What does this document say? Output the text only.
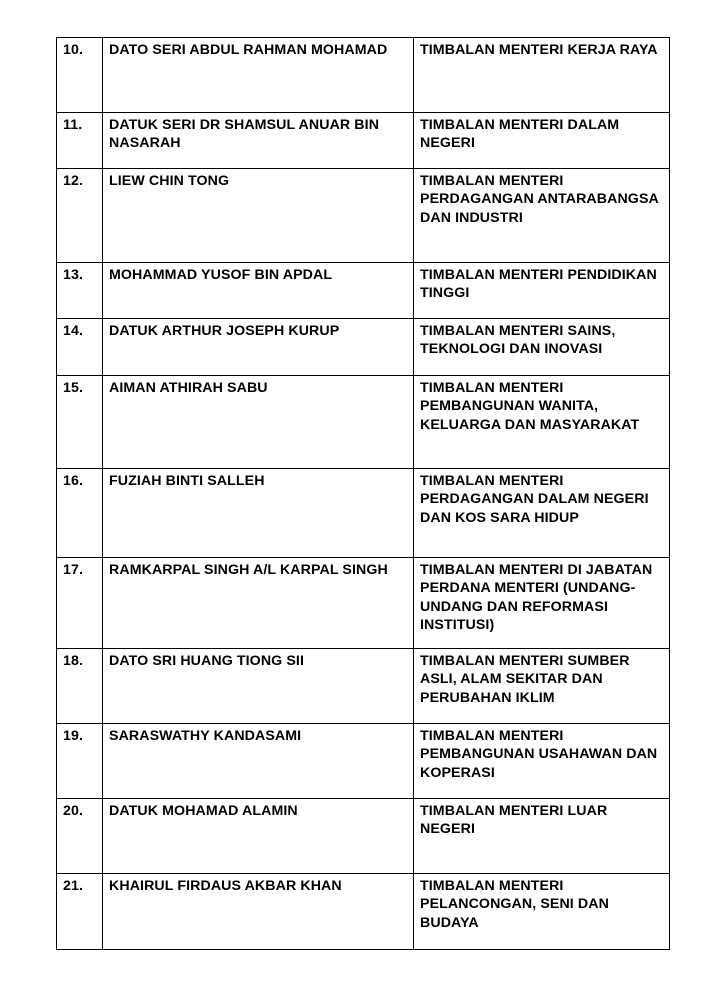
10.	DATO SERI ABDUL RAHMAN MOHAMAD	TIMBALAN MENTERI KERJA RAYA
11.	DATUK SERI DR SHAMSUL ANUAR BIN NASARAH	TIMBALAN MENTERI DALAM NEGERI
12.	LIEW CHIN TONG	TIMBALAN MENTERI PERDAGANGAN ANTARABANGSA DAN INDUSTRI
13.	MOHAMMAD YUSOF BIN APDAL	TIMBALAN MENTERI PENDIDIKAN TINGGI
14.	DATUK ARTHUR JOSEPH KURUP	TIMBALAN MENTERI SAINS, TEKNOLOGI DAN INOVASI
15.	AIMAN ATHIRAH SABU	TIMBALAN MENTERI PEMBANGUNAN WANITA, KELUARGA DAN MASYARAKAT
16.	FUZIAH BINTI SALLEH	TIMBALAN MENTERI PERDAGANGAN DALAM NEGERI DAN KOS SARA HIDUP
17.	RAMKARPAL SINGH A/L KARPAL SINGH	TIMBALAN MENTERI DI JABATAN PERDANA MENTERI (UNDANG-UNDANG DAN REFORMASI INSTITUSI)
18.	DATO SRI HUANG TIONG SII	TIMBALAN MENTERI SUMBER ASLI, ALAM SEKITAR DAN PERUBAHAN IKLIM
19.	SARASWATHY KANDASAMI	TIMBALAN MENTERI PEMBANGUNAN USAHAWAN DAN KOPERASI
20.	DATUK MOHAMAD ALAMIN	TIMBALAN MENTERI LUAR NEGERI
21.	KHAIRUL FIRDAUS AKBAR KHAN	TIMBALAN MENTERI PELANCONGAN, SENI DAN BUDAYA
